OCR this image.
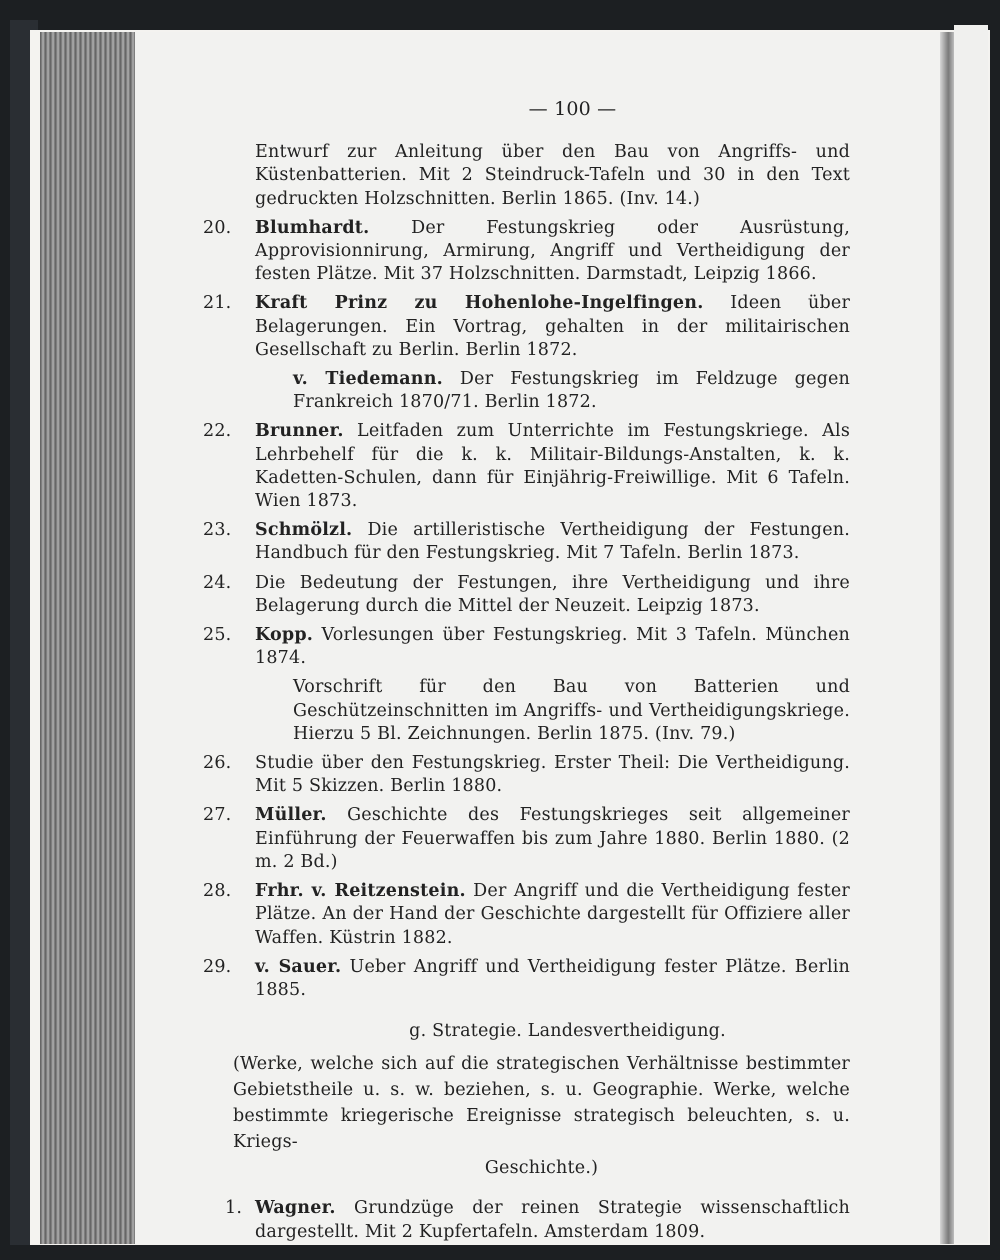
— 100 —
Entwurf zur Anleitung über den Bau von Angriffs- und Küstenbatterien. Mit 2 Steindruck-Tafeln und 30 in den Text gedruckten Holzschnitten. Berlin 1865. (Inv. 14.)
20. Blumhardt. Der Festungskrieg oder Ausrüstung, Approvisionnirung, Armirung, Angriff und Vertheidigung der festen Plätze. Mit 37 Holzschnitten. Darmstadt, Leipzig 1866.
21. Kraft Prinz zu Hohenlohe-Ingelfingen. Ideen über Belagerungen. Ein Vortrag, gehalten in der militairischen Gesellschaft zu Berlin. Berlin 1872.
v. Tiedemann. Der Festungskrieg im Feldzuge gegen Frankreich 1870/71. Berlin 1872.
22. Brunner. Leitfaden zum Unterrichte im Festungskriege. Als Lehrbehelf für die k. k. Militair-Bildungs-Anstalten, k. k. Kadetten-Schulen, dann für Einjährig-Freiwillige. Mit 6 Tafeln. Wien 1873.
23. Schmölzl. Die artilleristische Vertheidigung der Festungen. Handbuch für den Festungskrieg. Mit 7 Tafeln. Berlin 1873.
24. Die Bedeutung der Festungen, ihre Vertheidigung und ihre Belagerung durch die Mittel der Neuzeit. Leipzig 1873.
25. Kopp. Vorlesungen über Festungskrieg. Mit 3 Tafeln. München 1874.
Vorschrift für den Bau von Batterien und Geschützeinschnitten im Angriffs- und Vertheidigungskriege. Hierzu 5 Bl. Zeichnungen. Berlin 1875. (Inv. 79.)
26. Studie über den Festungskrieg. Erster Theil: Die Vertheidigung. Mit 5 Skizzen. Berlin 1880.
27. Müller. Geschichte des Festungskrieges seit allgemeiner Einführung der Feuerwaffen bis zum Jahre 1880. Berlin 1880. (2 m. 2 Bd.)
28. Frhr. v. Reitzenstein. Der Angriff und die Vertheidigung fester Plätze. An der Hand der Geschichte dargestellt für Offiziere aller Waffen. Küstrin 1882.
29. v. Sauer. Ueber Angriff und Vertheidigung fester Plätze. Berlin 1885.
g. Strategie. Landesvertheidigung.
(Werke, welche sich auf die strategischen Verhältnisse bestimmter Gebietstheile u. s. w. beziehen, s. u. Geographie. Werke, welche bestimmte kriegerische Ereignisse strategisch beleuchten, s. u. Kriegs-
Geschichte.)
1. Wagner. Grundzüge der reinen Strategie wissenschaftlich dargestellt. Mit 2 Kupfertafeln. Amsterdam 1809.
